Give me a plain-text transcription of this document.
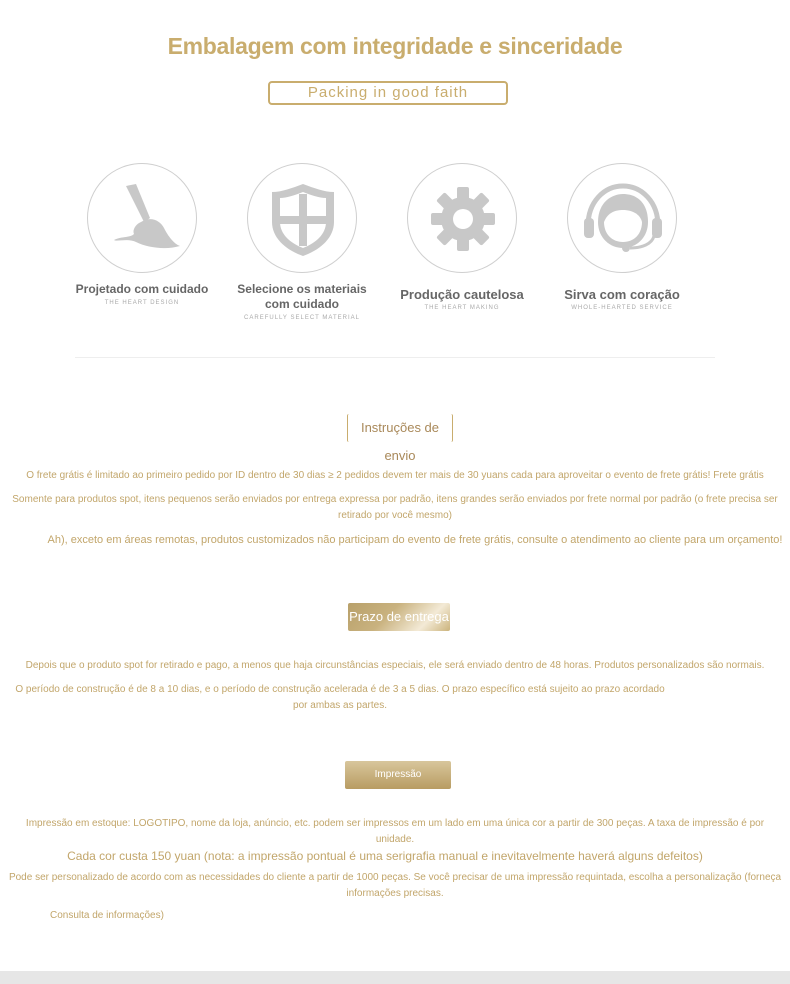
Embalagem com integridade e sinceridade
Packing in good faith
Projetado com cuidado
THE HEART DESIGN
Selecione os materiais com cuidado
CAREFULLY SELECT MATERIAL
Produção cautelosa
THE HEART MAKING
Sirva com coração
WHOLE-HEARTED SERVICE
Instruções de envio
O frete grátis é limitado ao primeiro pedido por ID dentro de 30 dias ≥ 2 pedidos devem ter mais de 30 yuans cada para aproveitar o evento de frete grátis! Frete grátis
Somente para produtos spot, itens pequenos serão enviados por entrega expressa por padrão, itens grandes serão enviados por frete normal por padrão (o frete precisa ser retirado por você mesmo)
Ah), exceto em áreas remotas, produtos customizados não participam do evento de frete grátis, consulte o atendimento ao cliente para um orçamento!
Prazo de entrega
Depois que o produto spot for retirado e pago, a menos que haja circunstâncias especiais, ele será enviado dentro de 48 horas. Produtos personalizados são normais.
O período de construção é de 8 a 10 dias, e o período de construção acelerada é de 3 a 5 dias. O prazo específico está sujeito ao prazo acordado por ambas as partes.
Impressão personalizada
Impressão em estoque: LOGOTIPO, nome da loja, anúncio, etc. podem ser impressos em um lado em uma única cor a partir de 300 peças. A taxa de impressão é por unidade.
Cada cor custa 150 yuan (nota: a impressão pontual é uma serigrafia manual e inevitavelmente haverá alguns defeitos)
Pode ser personalizado de acordo com as necessidades do cliente a partir de 1000 peças. Se você precisar de uma impressão requintada, escolha a personalização (forneça informações precisas.
Consulta de informações)
